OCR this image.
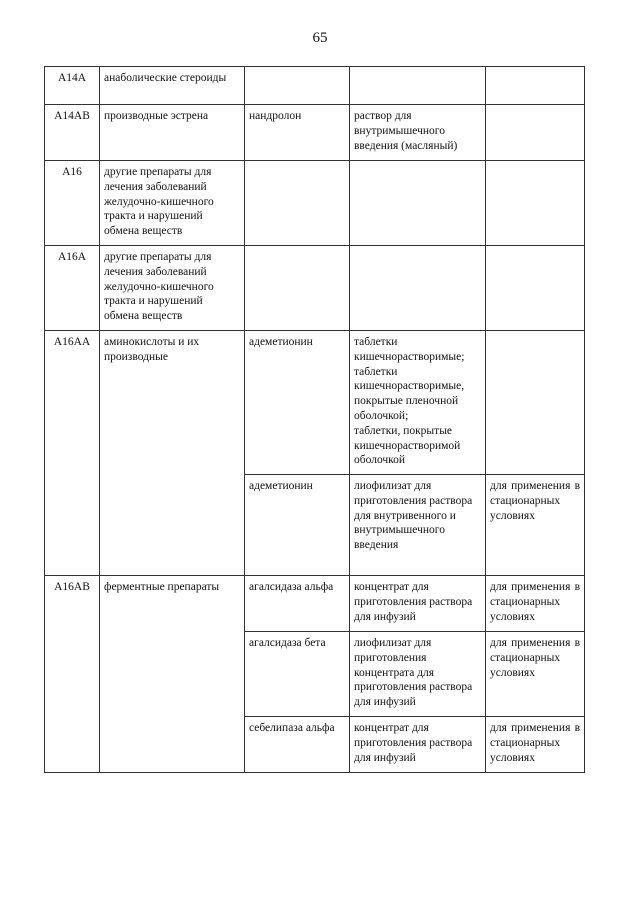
65
А14А	анаболические стероиды			
А14АВ	производные эстрена	нандролон	раствор для внутримышечного введения (масляный)	
А16	другие препараты для лечения заболеваний желудочно-кишечного тракта и нарушений обмена веществ			
А16А	другие препараты для лечения заболеваний желудочно-кишечного тракта и нарушений обмена веществ			
А16АА	аминокислоты и их производные	адеметионин	таблетки кишечнорастворимые;
таблетки кишечнорастворимые, покрытые пленочной оболочкой;
таблетки, покрытые кишечнорастворимой оболочкой	

		адеметионин	лиофилизат для приготовления раствора для внутривенного и внутримышечного введения	для применения в стационарных условиях
А16АВ	ферментные препараты	агалсидаза альфа	концентрат для приготовления раствора для инфузий	для применения в стационарных условиях
		агалсидаза бета	лиофилизат для приготовления концентрата для приготовления раствора для инфузий	для применения в стационарных условиях
		себелипаза альфа	концентрат для приготовления раствора для инфузий	для применения в стационарных условиях
